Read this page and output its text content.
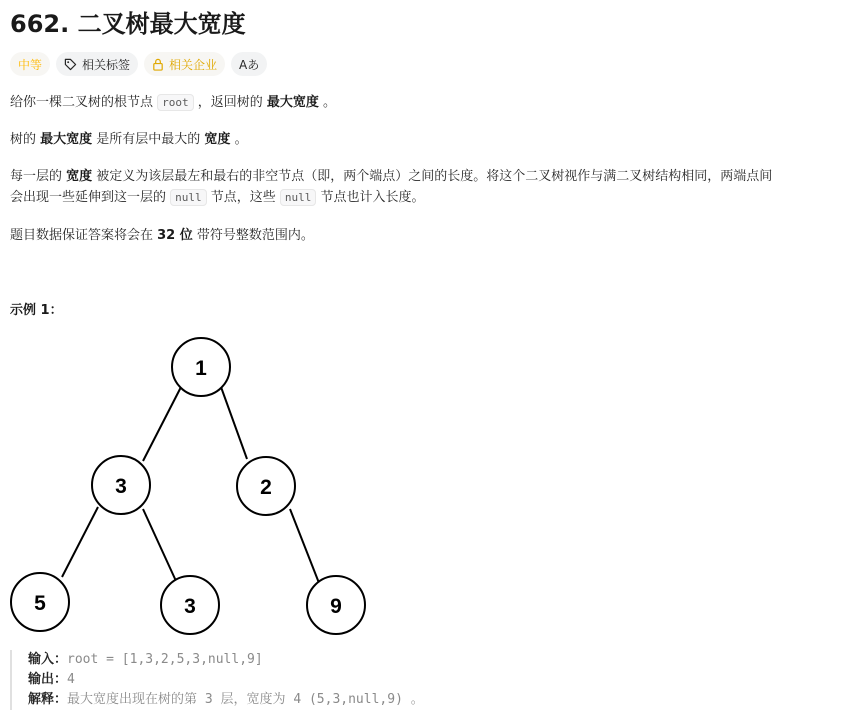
662. 二叉树最大宽度
中等	相关标签	相关企业 Aあ
给你一棵二叉树的根节点 root ，返回树的 最大宽度 。
树的 最大宽度 是所有层中最大的 宽度 。
每一层的 宽度 被定义为该层最左和最右的非空节点（即，两个端点）之间的长度。将这个二叉树视作与满二叉树结构相同，两端点间
会出现一些延伸到这一层的 null 节点，这些 null 节点也计入长度。
题目数据保证答案将会在 32 位 带符号整数范围内。
示例 1：
1
3	2
5	3	9
输入：root = [1,3,2,5,3,null,9]
输出：4
解释：最大宽度出现在树的第 3 层，宽度为 4 (5,3,null,9) 。
